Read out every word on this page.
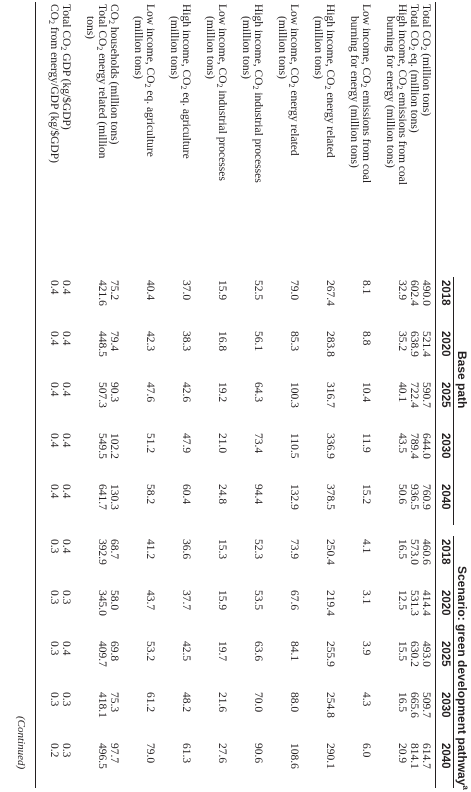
Base path
Scenario: green development pathway$^a$
2018
2020
2025
2030
2040
2018
2020
2025
2030
2040
Total $CO_2$ (million tons)
490.0
521.4
590.7
644.0
760.9
460.6
414.4
493.0
509.7
614.7
Total $CO_2$ eq. (million tons)
602.4
638.9
722.4
789.4
936.5
573.0
531.3
630.2
665.6
814.1
High income, $CO_2$ emissions from coal
burning for energy (million tons)
32.9
35.2
40.1
43.5
50.6
16.5
12.5
15.5
16.5
20.9
Low income, $CO_2$ emissions from coal
burning for energy (million tons)
8.1
8.8
10.4
11.9
15.2
4.1
3.1
3.9
4.3
6.0
High income, $CO_2$ energy related
(million tons)
267.4
283.8
316.7
336.9
378.5
250.4
219.4
255.9
254.8
290.1
Low income, $CO_2$ energy related
(million tons)
79.0
85.3
100.3
110.5
132.9
73.9
67.6
84.1
88.0
108.6
High income, $CO_2$ industrial processes
(million tons)
52.5
56.1
64.3
73.4
94.4
52.3
53.5
63.6
70.0
90.6
Low income, $CO_2$ industrial processes
(million tons)
15.9
16.8
19.2
21.0
24.8
15.3
15.9
19.7
21.6
27.6
High income, $CO_2$ eq. agriculture
(million tons)
37.0
38.3
42.6
47.9
60.4
36.6
37.7
42.5
48.2
61.3
Low income, $CO_2$ eq. agriculture
(million tons)
40.4
42.3
47.6
51.2
58.2
41.2
43.7
53.2
61.2
79.0
$CO_2$ households (million tons)
75.2
79.4
90.3
102.2
130.3
68.7
58.0
69.8
75.3
97.7
Total $CO_2$ energy related (million
tons)
421.6
448.5
507.3
549.5
641.7
392.9
345.0
409.7
418.1
496.5
Total $CO_2$ GDP (kg/$GDP)
0.4
0.4
0.4
0.4
0.4
0.4
0.3
0.4
0.3
0.3
$CO_2$ from energy/GDP (kg/$GDP)
0.4
0.4
0.4
0.4
0.4
0.3
0.3
0.3
0.3
0.2
(Continued)
